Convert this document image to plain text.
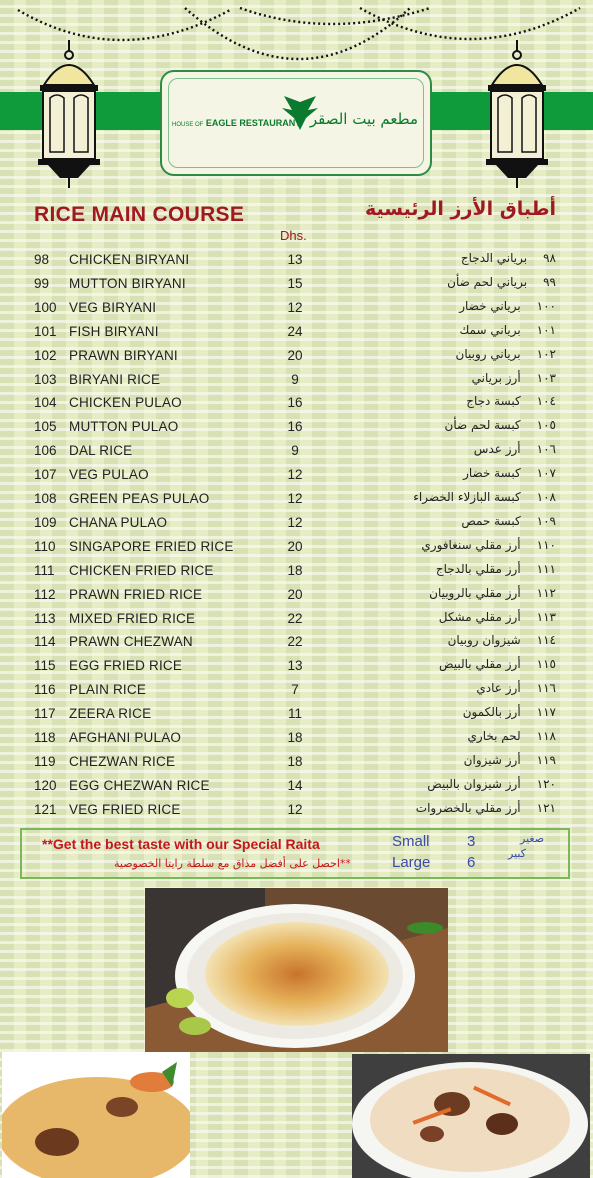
HOUSE OF EAGLE RESTAURANT مطعم بيت الصقر
RICE MAIN COURSE	أطباق الأرز الرئيسية
Dhs.
98 CHICKEN BIRYANI	13	٩٨برياني الدجاج
99 MUTTON BIRYANI	15	٩٩برياني لحم ضأن
100 VEG BIRYANI	12	١٠٠برياني خضار
101 FISH BIRYANI	24	١٠١برياني سمك
102 PRAWN BIRYANI	20	١٠٢برياني روبيان
103 BIRYANI RICE	9	١٠٣أرز برياني
104 CHICKEN PULAO	16	١٠٤كبسة دجاج
105 MUTTON PULAO	16	١٠٥كبسة لحم ضأن
106 DAL RICE	9	١٠٦أرز عدس
107 VEG PULAO	12	١٠٧كبسة خضار
108 GREEN PEAS PULAO	12	١٠٨كبسة البازلاء الخضراء
109 CHANA PULAO	12	١٠٩كبسة حمص
110 SINGAPORE FRIED RICE	20	١١٠أرز مقلي سنغافوري
111 CHICKEN FRIED RICE	18	١١١أرز مقلي بالدجاج
112 PRAWN FRIED RICE	20	١١٢أرز مقلي بالروبيان
113 MIXED FRIED RICE	22	١١٣أرز مقلي مشكل
114 PRAWN CHEZWAN	22	١١٤شيزوان روبيان
115 EGG FRIED RICE	13	١١٥أرز مقلي بالبيض
116 PLAIN RICE	7	١١٦أرز عادي
117 ZEERA RICE	11	١١٧أرز بالكمون
118 AFGHANI PULAO	18	١١٨لحم بخاري
119 CHEZWAN RICE	18	١١٩أرز شيزوان
120 EGG CHEZWAN RICE	14	١٢٠أرز شيزوان بالبيض
121 VEG FRIED RICE	12	١٢١أرز مقلي بالخضروات
**Get the best taste with our Special Raita
**احصل على أفضل مذاق مع سلطة رايتا الخصوصية
Small 3	صغير
Large 6
كبير
